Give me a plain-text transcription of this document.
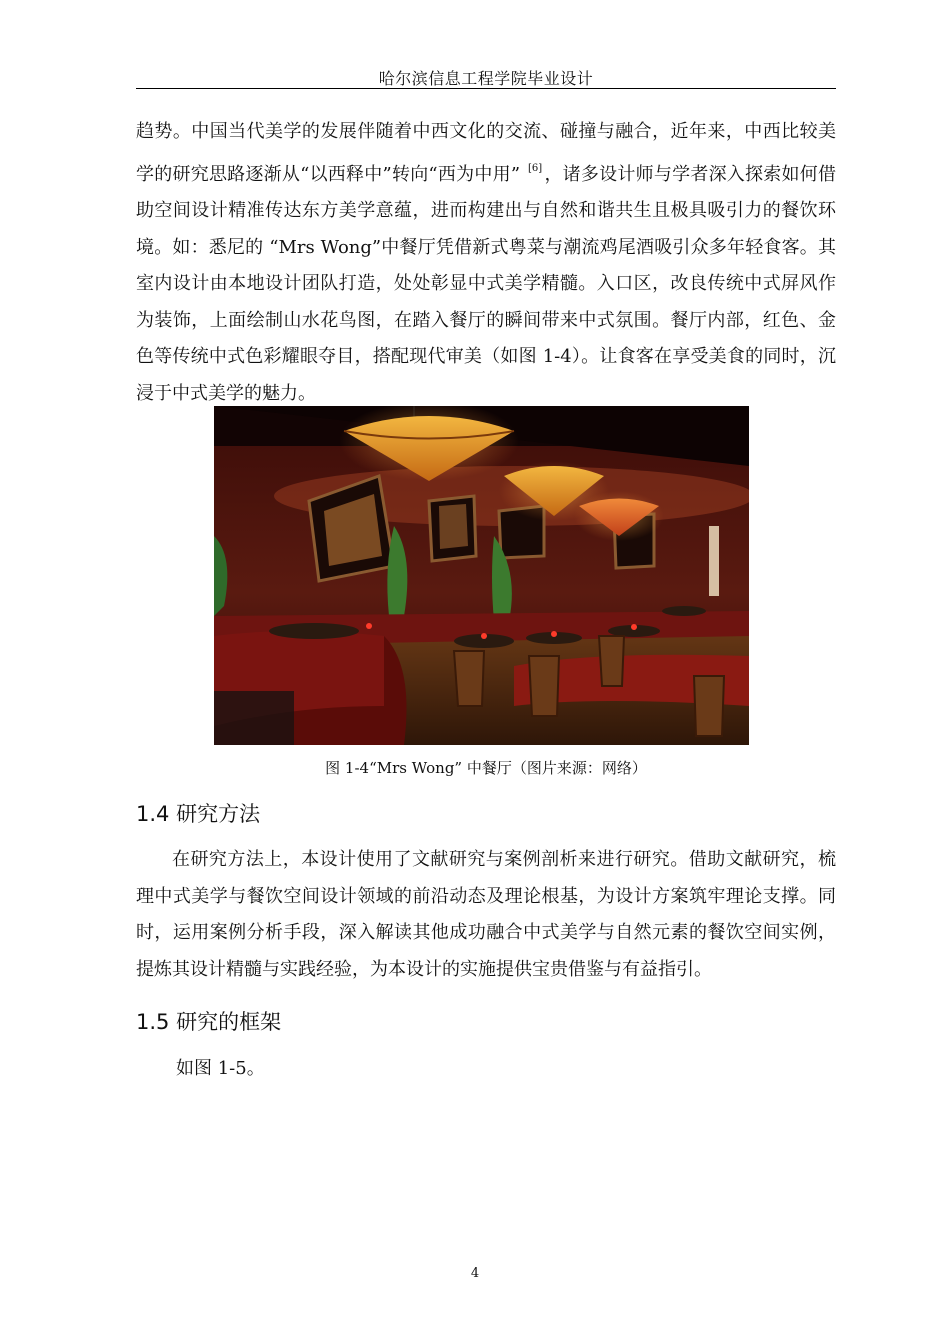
哈尔滨信息工程学院毕业设计
趋势。中国当代美学的发展伴随着中西文化的交流、碰撞与融合，近年来，中西比较美学的研究思路逐渐从“以西释中”转向“西为中用” [6] ，诸多设计师与学者深入探索如何借助空间设计精准传达东方美学意蕴，进而构建出与自然和谐共生且极具吸引力的餐饮环境。如：悉尼的 “Mrs Wong”中餐厅凭借新式粤菜与潮流鸡尾酒吸引众多年轻食客。其室内设计由本地设计团队打造，处处彰显中式美学精髓。入口区，改良传统中式屏风作为装饰，上面绘制山水花鸟图，在踏入餐厅的瞬间带来中式氛围。餐厅内部，红色、金色等传统中式色彩耀眼夺目，搭配现代审美（如图 1-4）。让食客在享受美食的同时，沉浸于中式美学的魅力。
图 1-4“Mrs Wong” 中餐厅（图片来源：网络）
1.4 研究方法
在研究方法上，本设计使用了文献研究与案例剖析来进行研究。借助文献研究，梳理中式美学与餐饮空间设计领域的前沿动态及理论根基，为设计方案筑牢理论支撑。同时，运用案例分析手段，深入解读其他成功融合中式美学与自然元素的餐饮空间实例，提炼其设计精髓与实践经验，为本设计的实施提供宝贵借鉴与有益指引。
1.5 研究的框架
如图 1-5。
4
